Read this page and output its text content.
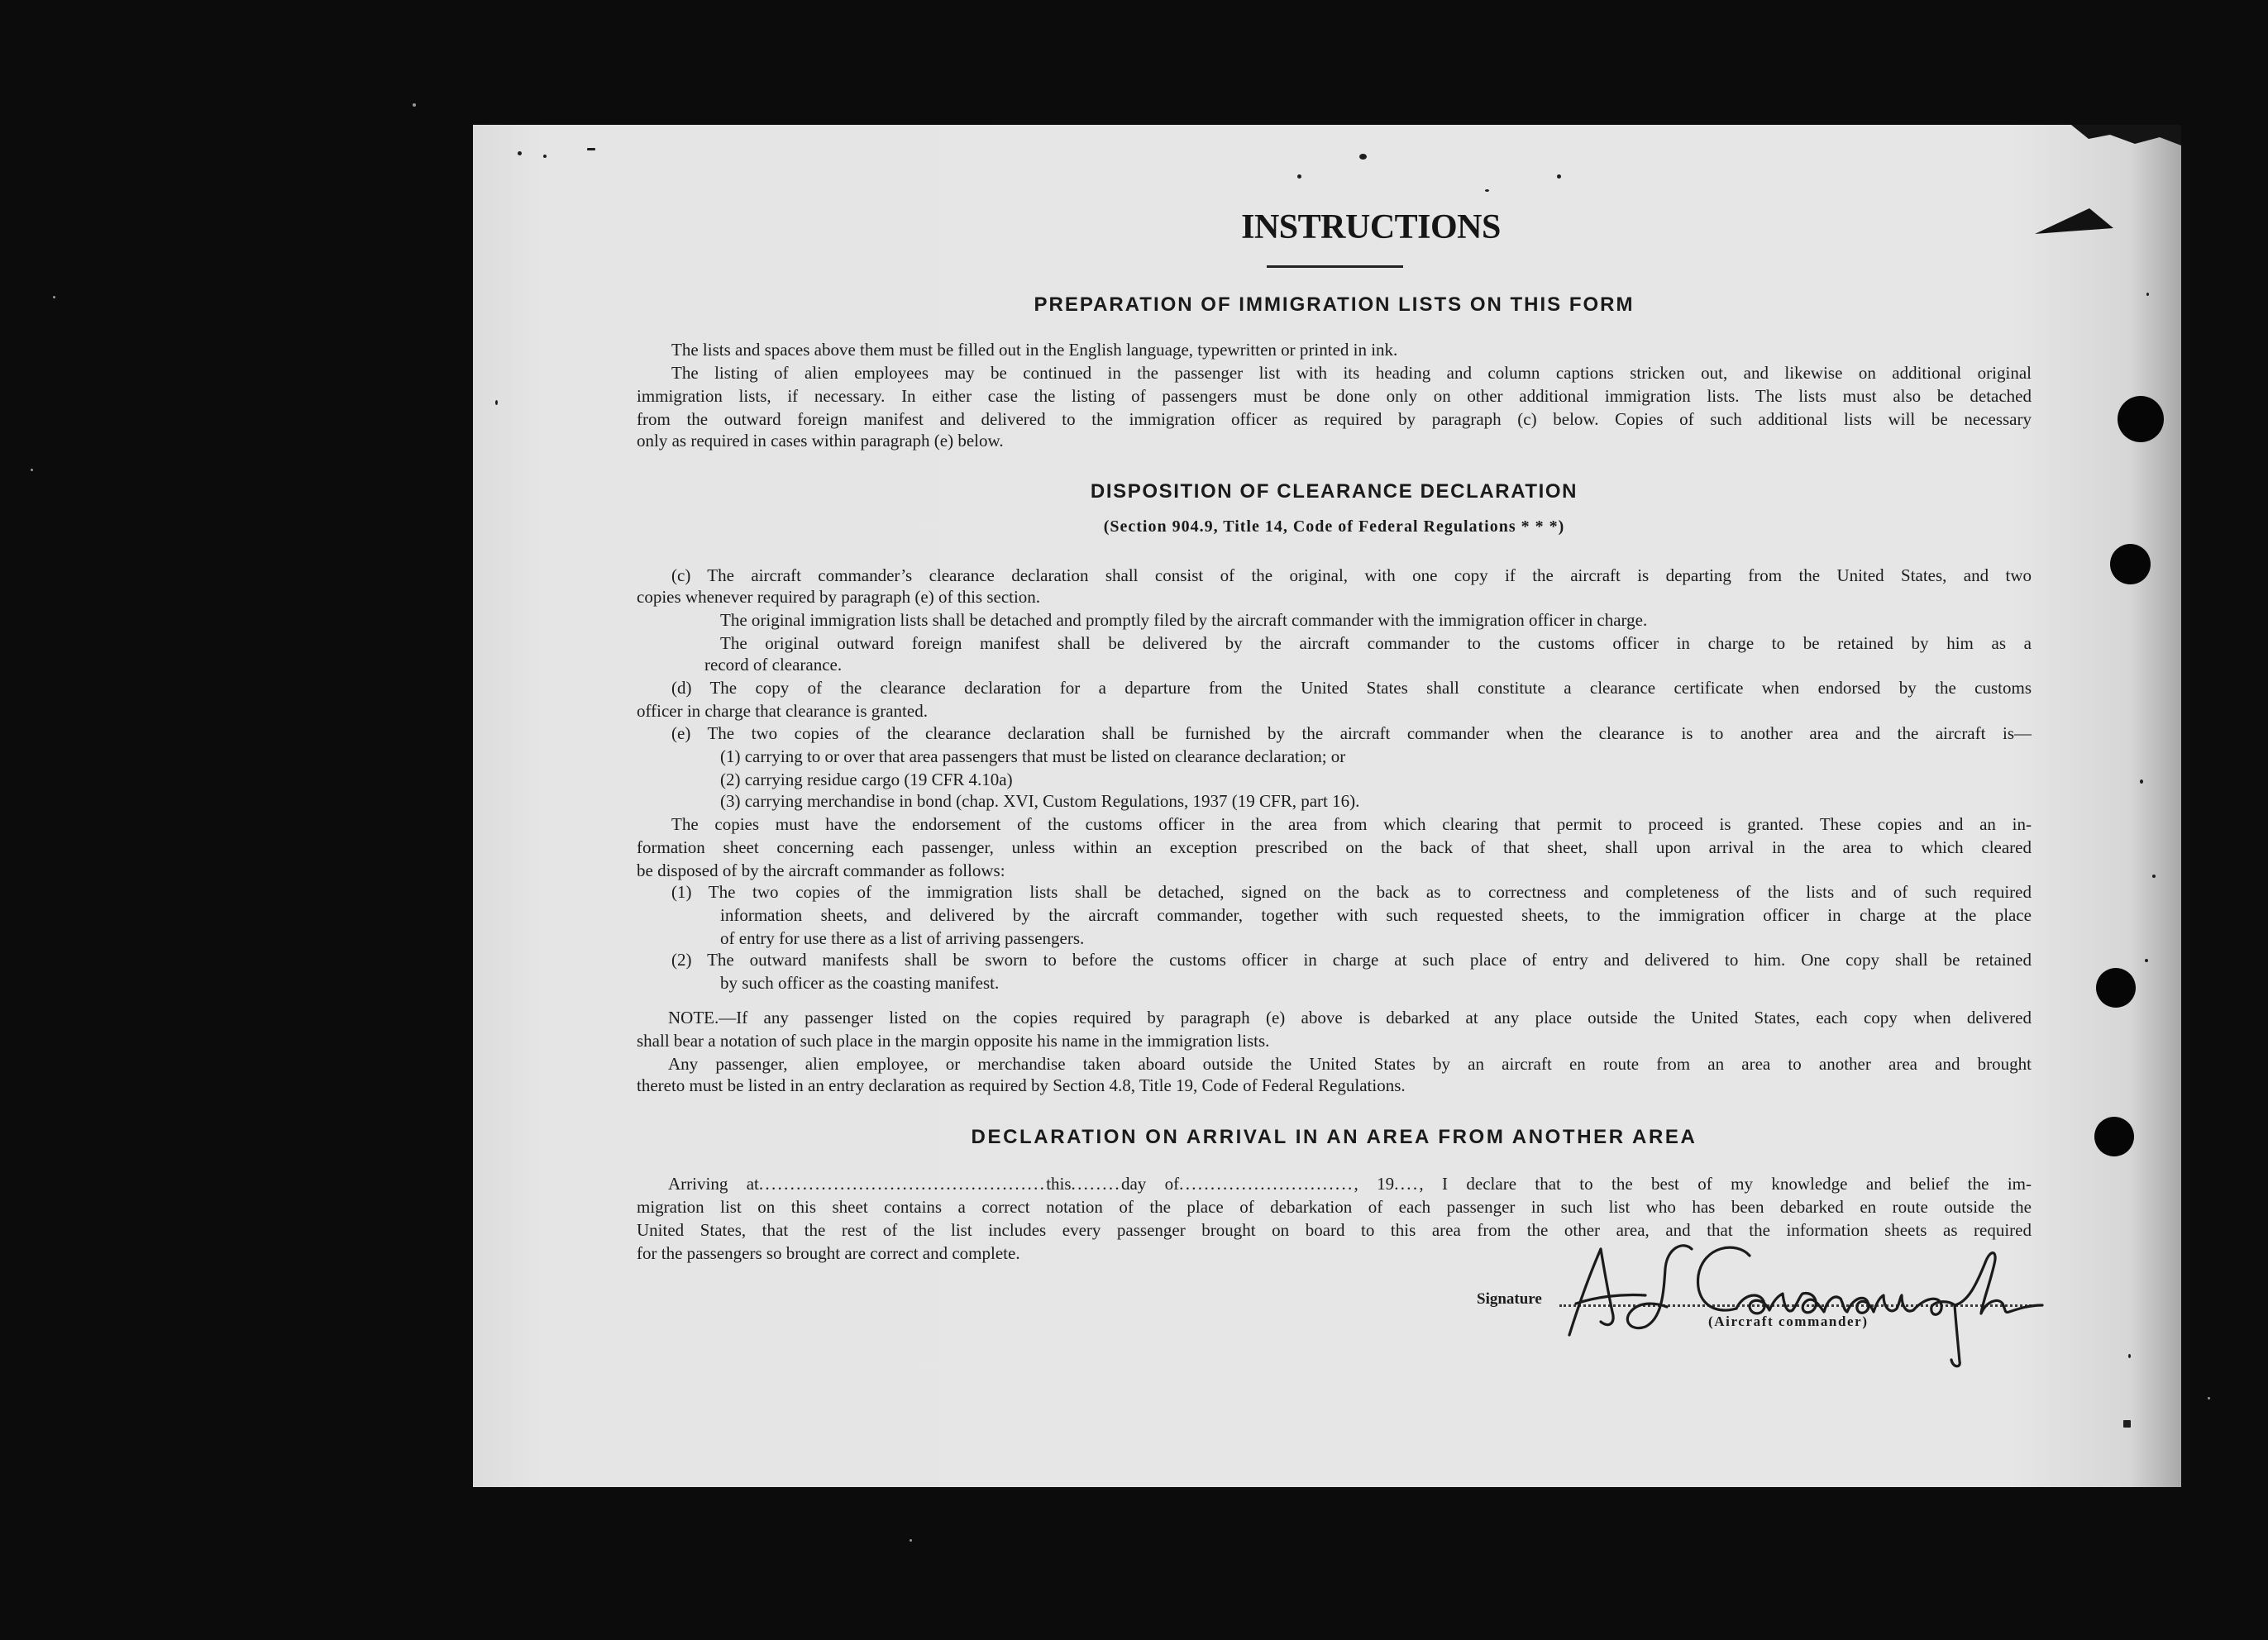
INSTRUCTIONS
PREPARATION OF IMMIGRATION LISTS ON THIS FORM
The lists and spaces above them must be filled out in the English language, typewritten or printed in ink.
The listing of alien employees may be continued in the passenger list with its heading and column captions stricken out, and likewise on additional original
immigration lists, if necessary. In either case the listing of passengers must be done only on other additional immigration lists. The lists must also be detached
from the outward foreign manifest and delivered to the immigration officer as required by paragraph (c) below. Copies of such additional lists will be necessary
only as required in cases within paragraph (e) below.
DISPOSITION OF CLEARANCE DECLARATION
(Section 904.9, Title 14, Code of Federal Regulations * * *)
(c) The aircraft commander’s clearance declaration shall consist of the original, with one copy if the aircraft is departing from the United States, and two
copies whenever required by paragraph (e) of this section.
The original immigration lists shall be detached and promptly filed by the aircraft commander with the immigration officer in charge.
The original outward foreign manifest shall be delivered by the aircraft commander to the customs officer in charge to be retained by him as a
record of clearance.
(d) The copy of the clearance declaration for a departure from the United States shall constitute a clearance certificate when endorsed by the customs
officer in charge that clearance is granted.
(e) The two copies of the clearance declaration shall be furnished by the aircraft commander when the clearance is to another area and the aircraft is—
(1) carrying to or over that area passengers that must be listed on clearance declaration; or
(2) carrying residue cargo (19 CFR 4.10a)
(3) carrying merchandise in bond (chap. XVI, Custom Regulations, 1937 (19 CFR, part 16).
The copies must have the endorsement of the customs officer in the area from which clearing that permit to proceed is granted. These copies and an in-
formation sheet concerning each passenger, unless within an exception prescribed on the back of that sheet, shall upon arrival in the area to which cleared
be disposed of by the aircraft commander as follows:
(1) The two copies of the immigration lists shall be detached, signed on the back as to correctness and completeness of the lists and of such required
information sheets, and delivered by the aircraft commander, together with such requested sheets, to the immigration officer in charge at the place
of entry for use there as a list of arriving passengers.
(2) The outward manifests shall be sworn to before the customs officer in charge at such place of entry and delivered to him. One copy shall be retained
by such officer as the coasting manifest.
NOTE.—If any passenger listed on the copies required by paragraph (e) above is debarked at any place outside the United States, each copy when delivered
shall bear a notation of such place in the margin opposite his name in the immigration lists.
Any passenger, alien employee, or merchandise taken aboard outside the United States by an aircraft en route from an area to another area and brought
thereto must be listed in an entry declaration as required by Section 4.8, Title 19, Code of Federal Regulations.
DECLARATION ON ARRIVAL IN AN AREA FROM ANOTHER AREA
Arriving at..............................................this........day of............................, 19...., I declare that to the best of my knowledge and belief the im-
migration list on this sheet contains a correct notation of the place of debarkation of each passenger in such list who has been debarked en route outside the
United States, that the rest of the list includes every passenger brought on board to this area from the other area, and that the information sheets as required
for the passengers so brought are correct and complete.
Signature
(Aircraft commander)
